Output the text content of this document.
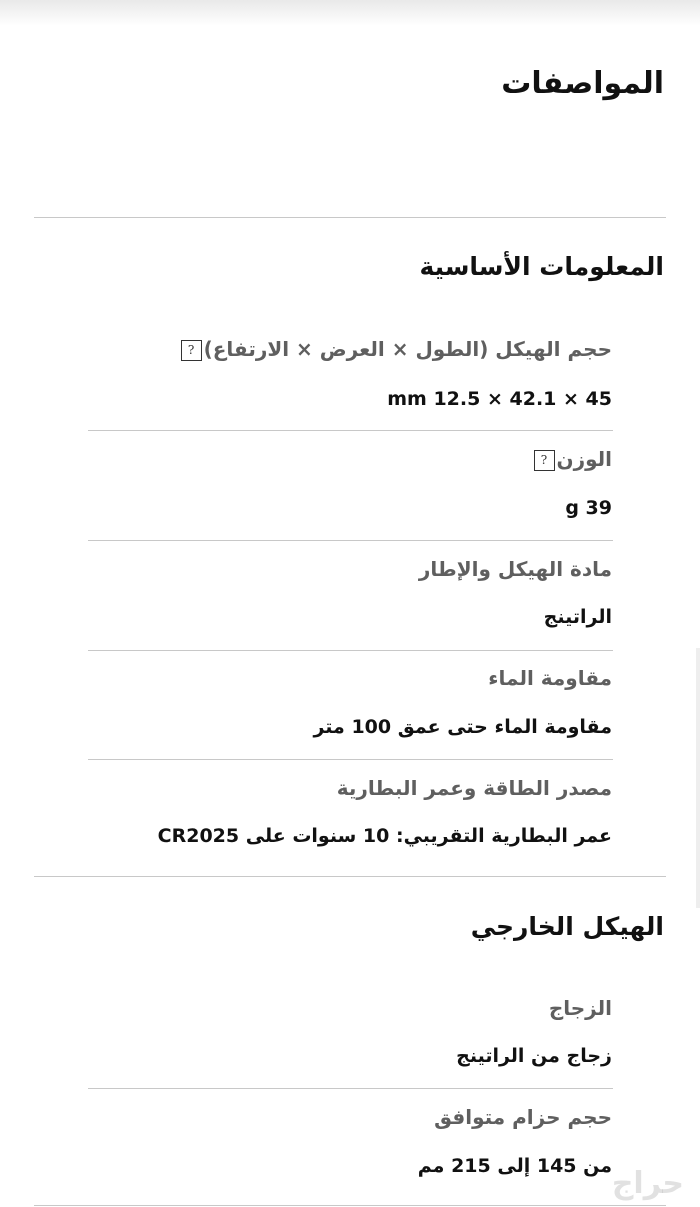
المواصفات
المعلومات الأساسية
حجم الهيكل (الطول × العرض × الارتفاع)?
45 × 42.1 × 12.5 mm
الوزن?
39 g
مادة الهيكل والإطار
الراتينج
مقاومة الماء
مقاومة الماء حتى عمق 100 متر
مصدر الطاقة وعمر البطارية
عمر البطارية التقريبي: 10 سنوات على CR2025
الهيكل الخارجي
الزجاج
زجاج من الراتينج
حجم حزام متوافق
من 145 إلى 215 مم حراج
